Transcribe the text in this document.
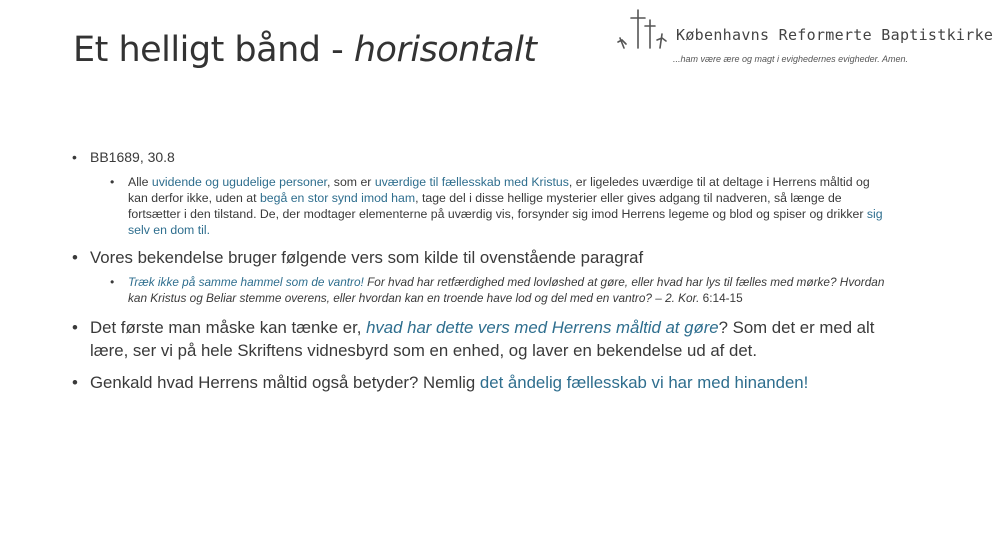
Et helligt bånd - horisontalt	Københavns Reformerte Baptistkirke
...ham være ære og magt i evighedernes evigheder. Amen.

• BB1689, 30.8

• Alle uvidende og ugudelige personer, som er uværdige til fællesskab med Kristus, er ligeledes uværdige til at deltage i Herrens måltid og kan derfor ikke, uden at begå en stor synd imod ham, tage del i disse hellige mysterier eller gives adgang til nadveren, så længe de fortsætter i den tilstand. De, der modtager elementerne på uværdig vis, forsynder sig imod Herrens legeme og blod og spiser og drikker sig selv en dom til.

• Vores bekendelse bruger følgende vers som kilde til ovenstående paragraf

• Træk ikke på samme hammel som de vantro! For hvad har retfærdighed med lovløshed at gøre, eller hvad har lys til fælles med mørke? Hvordan kan Kristus og Beliar stemme overens, eller hvordan kan en troende have lod og del med en vantro? – 2. Kor. 6:14-15

• Det første man måske kan tænke er, hvad har dette vers med Herrens måltid at gøre? Som det er med alt lære, ser vi på hele Skriftens vidnesbyrd som en enhed, og laver en bekendelse ud af det.

• Genkald hvad Herrens måltid også betyder? Nemlig det åndelig fællesskab vi har med hinanden!
